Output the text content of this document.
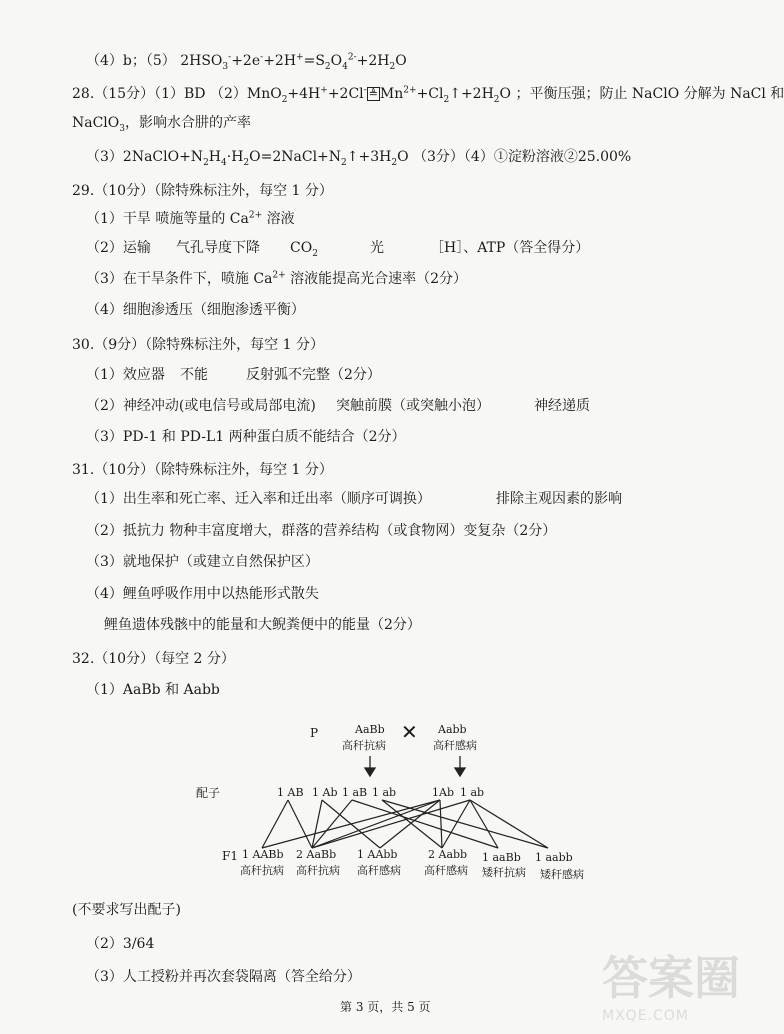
（4）b；（5） $2HSO_3^-+2e^-+2H^+=S_2O_4^{2-}+2H_2O$
28.（15分）（1）BD （2）MnO$_2$+4H++2Cl- ≜ $Mn^{2+}+Cl_2↑+2H_2O$ ；平衡压强；防止 NaClO 分解为 NaCl 和
NaClO$_3$，影响水合肼的产率
$(3)2NaClO+N_2H_4\cdot H_2O=2NaCl+N_2↑+3H_2O$ （3分）（4）①淀粉溶液②25.00%
29.（10分）（除特殊标注外，每空 1 分）
（1）干旱 喷施等量的 $Ca^{2+}$ 溶液
（2）运输 气孔导度下降 $CO_2$	光	［H］、ATP（答全得分）
（3）在干旱条件下，喷施 $Ca^{2+}$ 溶液能提高光合速率（2分）
（4）细胞渗透压（细胞渗透平衡）
30.（9分）（除特殊标注外，每空 1 分）
（1）效应器 不能	反射弧不完整（2分）
（2）神经冲动(或电信号或局部电流) 突触前膜（或突触小泡）	神经递质
（3）PD-1 和 PD-L1 两种蛋白质不能结合（2分）
31.（10分）（除特殊标注外，每空 1 分）
（1）出生率和死亡率、迁入率和迁出率（顺序可调换）	排除主观因素的影响
（2）抵抗力 物种丰富度增大，群落的营养结构（或食物网）变复杂（2分）
（3）就地保护（或建立自然保护区）
（4）鲤鱼呼吸作用中以热能形式散失
鲤鱼遗体残骸中的能量和大鲵粪便中的能量（2分）
32.（10分）（每空 2 分）
（1）AaBb 和 Aabb
P	AaBb
高秆抗病
✕ Aabb
高秆感病
配子	1 AB 1 Ab 1 aB 1 ab	1Ab 1 ab
F1 1 AABb 2 AaBb 1 AAbb	2 Aabb 1 aaBb 1 aabb
高秆抗病 高秆抗病 高秆感病 高秆感病 矮秆抗病 矮秆感病
(不要求写出配子)
（2）3/64
（3）人工授粉并再次套袋隔离（答全给分）
第 3 页，共 5 页
答案圈
MXQE.COM
